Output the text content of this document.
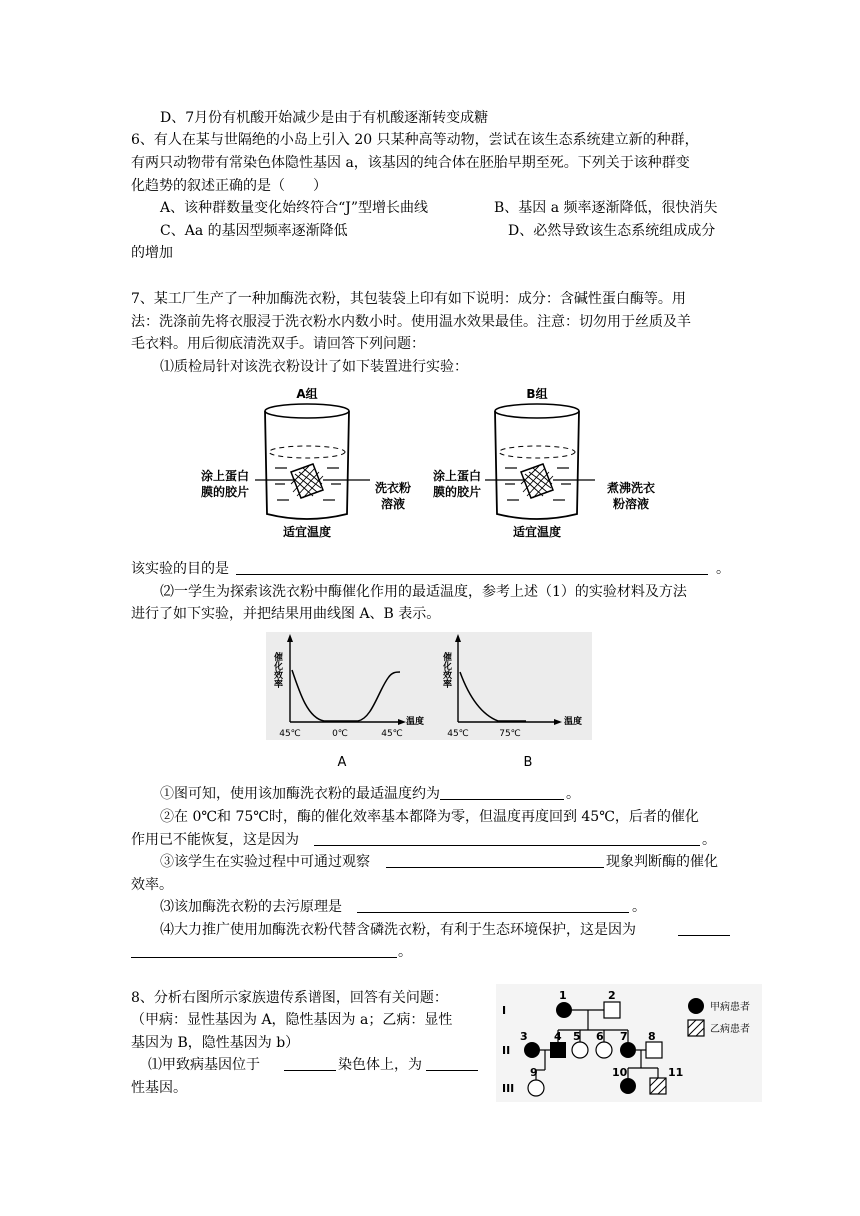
D、7月份有机酸开始减少是由于有机酸逐渐转变成糖
6、有人在某与世隔绝的小岛上引入 20 只某种高等动物，尝试在该生态系统建立新的种群，
有两只动物带有常染色体隐性基因 a，该基因的纯合体在胚胎早期至死。下列关于该种群变
化趋势的叙述正确的是（　　）
A、该种群数量变化始终符合“J”型增长曲线	B、基因 a 频率逐渐降低，很快消失
C、Aa 的基因型频率逐渐降低	D、必然导致该生态系统组成成分
的增加
7、某工厂生产了一种加酶洗衣粉，其包装袋上印有如下说明：成分：含碱性蛋白酶等。用
法：洗涤前先将衣服浸于洗衣粉水内数小时。使用温水效果最佳。注意：切勿用于丝质及羊
毛衣料。用后彻底清洗双手。请回答下列问题：
⑴质检局针对该洗衣粉设计了如下装置进行实验：
A组
涂上蛋白
膜的胶片	洗衣粉
溶液
适宜温度
B组
涂上蛋白
膜的胶片	煮沸洗衣
粉溶液
适宜温度
该实验的目的是	。
⑵一学生为探索该洗衣粉中酶催化作用的最适温度，参考上述（1）的实验材料及方法
进行了如下实验，并把结果用曲线图 A、B 表示。
催化效率
温度
45℃	0℃	45℃
A
催化效率
温度
45℃	75℃
B
①图可知，使用该加酶洗衣粉的最适温度约为	。
②在 0℃和 75℃时，酶的催化效率基本都降为零，但温度再度回到 45℃，后者的催化
作用已不能恢复，这是因为	。
③该学生在实验过程中可通过观察	现象判断酶的催化
效率。
⑶该加酶洗衣粉的去污原理是	。
⑷大力推广使用加酶洗衣粉代替含磷洗衣粉，有利于生态环境保护，这是因为
。
8、分析右图所示家族遗传系谱图，回答有关问题：
（甲病：显性基因为 A，隐性基因为 a；乙病：显性
基因为 B，隐性基因为 b）
⑴甲致病基因位于	染色体上，为
性基因。
I
II
III
1	2
3 4 5 6 7 8
9	10	11
甲病患者
乙病患者
